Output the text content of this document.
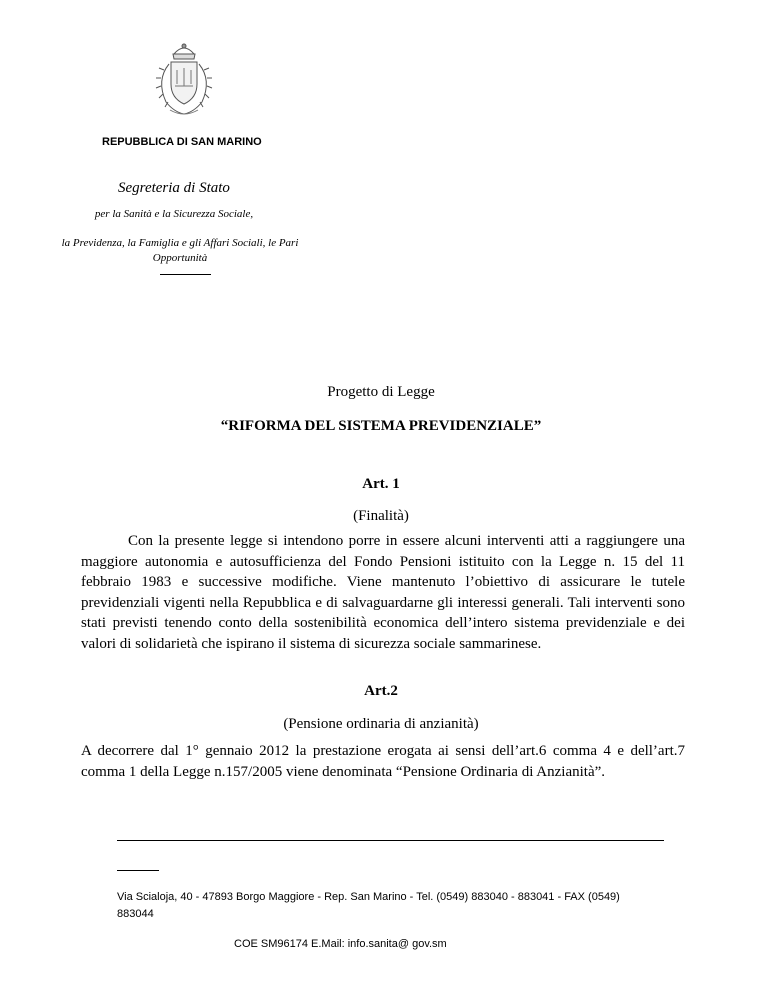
REPUBBLICA DI SAN MARINO
Segreteria di Stato
per la Sanità e la Sicurezza Sociale,
la Previdenza, la Famiglia e gli Affari Sociali, le Pari Opportunità
Progetto di Legge
“RIFORMA DEL SISTEMA PREVIDENZIALE”
Art. 1
(Finalità)
Con la presente legge si intendono porre in essere alcuni interventi atti a raggiungere una maggiore autonomia e autosufficienza del Fondo Pensioni istituito con la Legge n. 15 del 11 febbraio 1983 e successive modifiche. Viene mantenuto l’obiettivo di assicurare le tutele previdenziali vigenti nella Repubblica e di salvaguardarne gli interessi generali. Tali interventi sono stati previsti tenendo conto della sostenibilità economica dell’intero sistema previdenziale e dei valori di solidarietà che ispirano il sistema di sicurezza sociale sammarinese.
Art.2
(Pensione ordinaria di anzianità)
A decorrere dal 1° gennaio 2012 la prestazione erogata ai sensi dell’art.6 comma 4 e dell’art.7 comma 1 della Legge n.157/2005 viene denominata “Pensione Ordinaria di Anzianità”.
Via Scialoja, 40 - 47893 Borgo Maggiore - Rep. San Marino - Tel. (0549) 883040 - 883041 - FAX (0549) 883044
COE SM96174 E.Mail: info.sanita@ gov.sm
